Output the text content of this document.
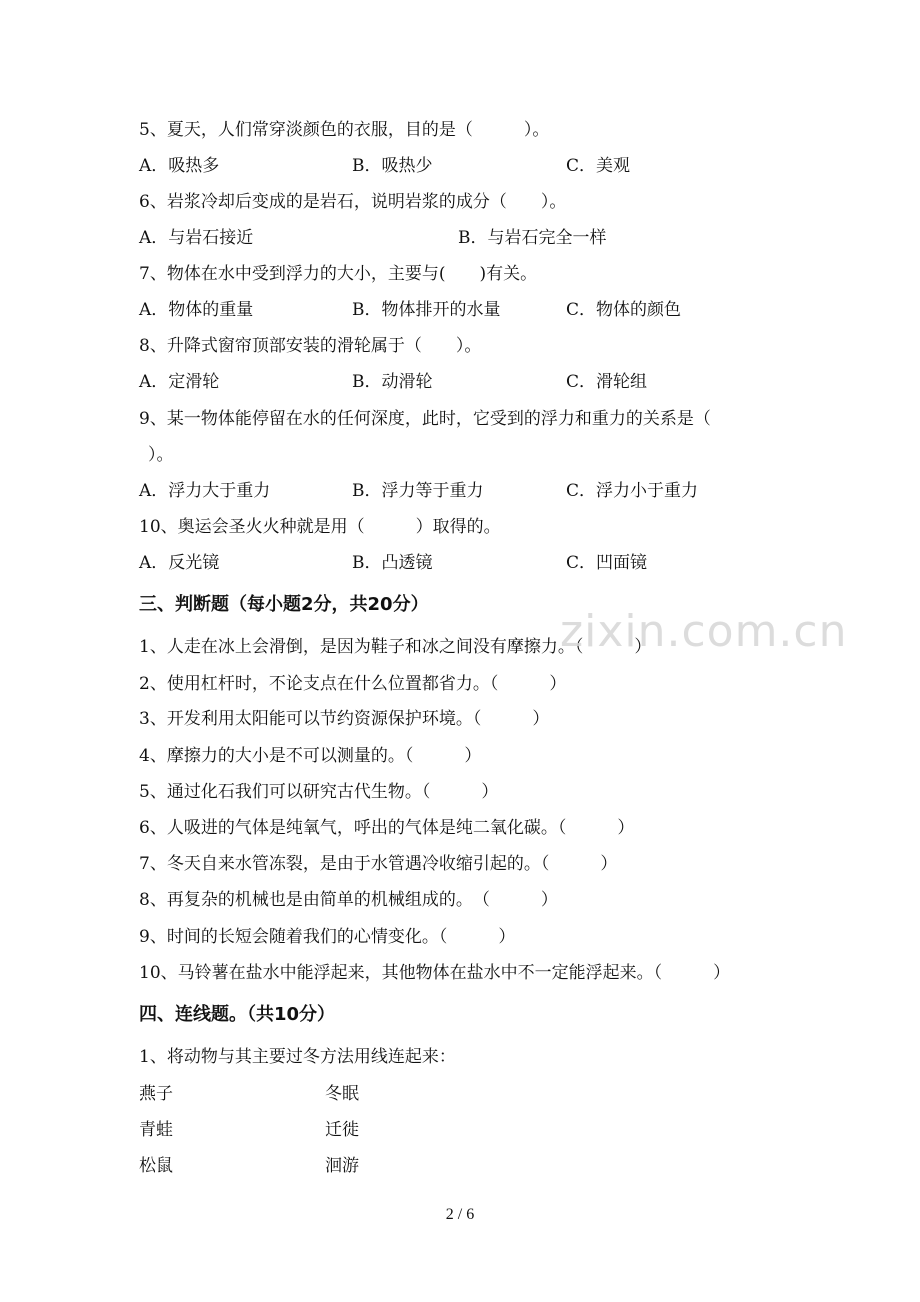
5、夏天，人们常穿淡颜色的衣服，目的是（　　　）。
A．吸热多	B．吸热少	C．美观
6、岩浆冷却后变成的是岩石，说明岩浆的成分（　　）。
A．与岩石接近	B．与岩石完全一样
7、物体在水中受到浮力的大小，主要与(　　)有关。
A．物体的重量	B．物体排开的水量	C．物体的颜色
8、升降式窗帘顶部安装的滑轮属于（　　）。
A．定滑轮	B．动滑轮	C．滑轮组
9、某一物体能停留在水的任何深度，此时，它受到的浮力和重力的关系是（
）。
A．浮力大于重力	B．浮力等于重力	C．浮力小于重力
10、奥运会圣火火种就是用（　　　）取得的。
A．反光镜	B．凸透镜	C．凹面镜
三、判断题（每小题2分，共20分）
1、人走在冰上会滑倒，是因为鞋子和冰之间没有摩擦力。（　　　）
2、使用杠杆时，不论支点在什么位置都省力。（　　　）
3、开发利用太阳能可以节约资源保护环境。（　　　）
4、摩擦力的大小是不可以测量的。（　　　）
5、通过化石我们可以研究古代生物。（　　　）
6、人吸进的气体是纯氧气，呼出的气体是纯二氧化碳。（　　　）
7、冬天自来水管冻裂，是由于水管遇冷收缩引起的。（　　　）
8、再复杂的机械也是由简单的机械组成的。　（　　　）
9、时间的长短会随着我们的心情变化。（　　　）
10、马铃薯在盐水中能浮起来，其他物体在盐水中不一定能浮起来。（　　　）
四、连线题。（共10分）
1、将动物与其主要过冬方法用线连起来：
燕子	冬眠
青蛙	迁徙
松鼠	洄游
zixin.com.cn
2 / 6
